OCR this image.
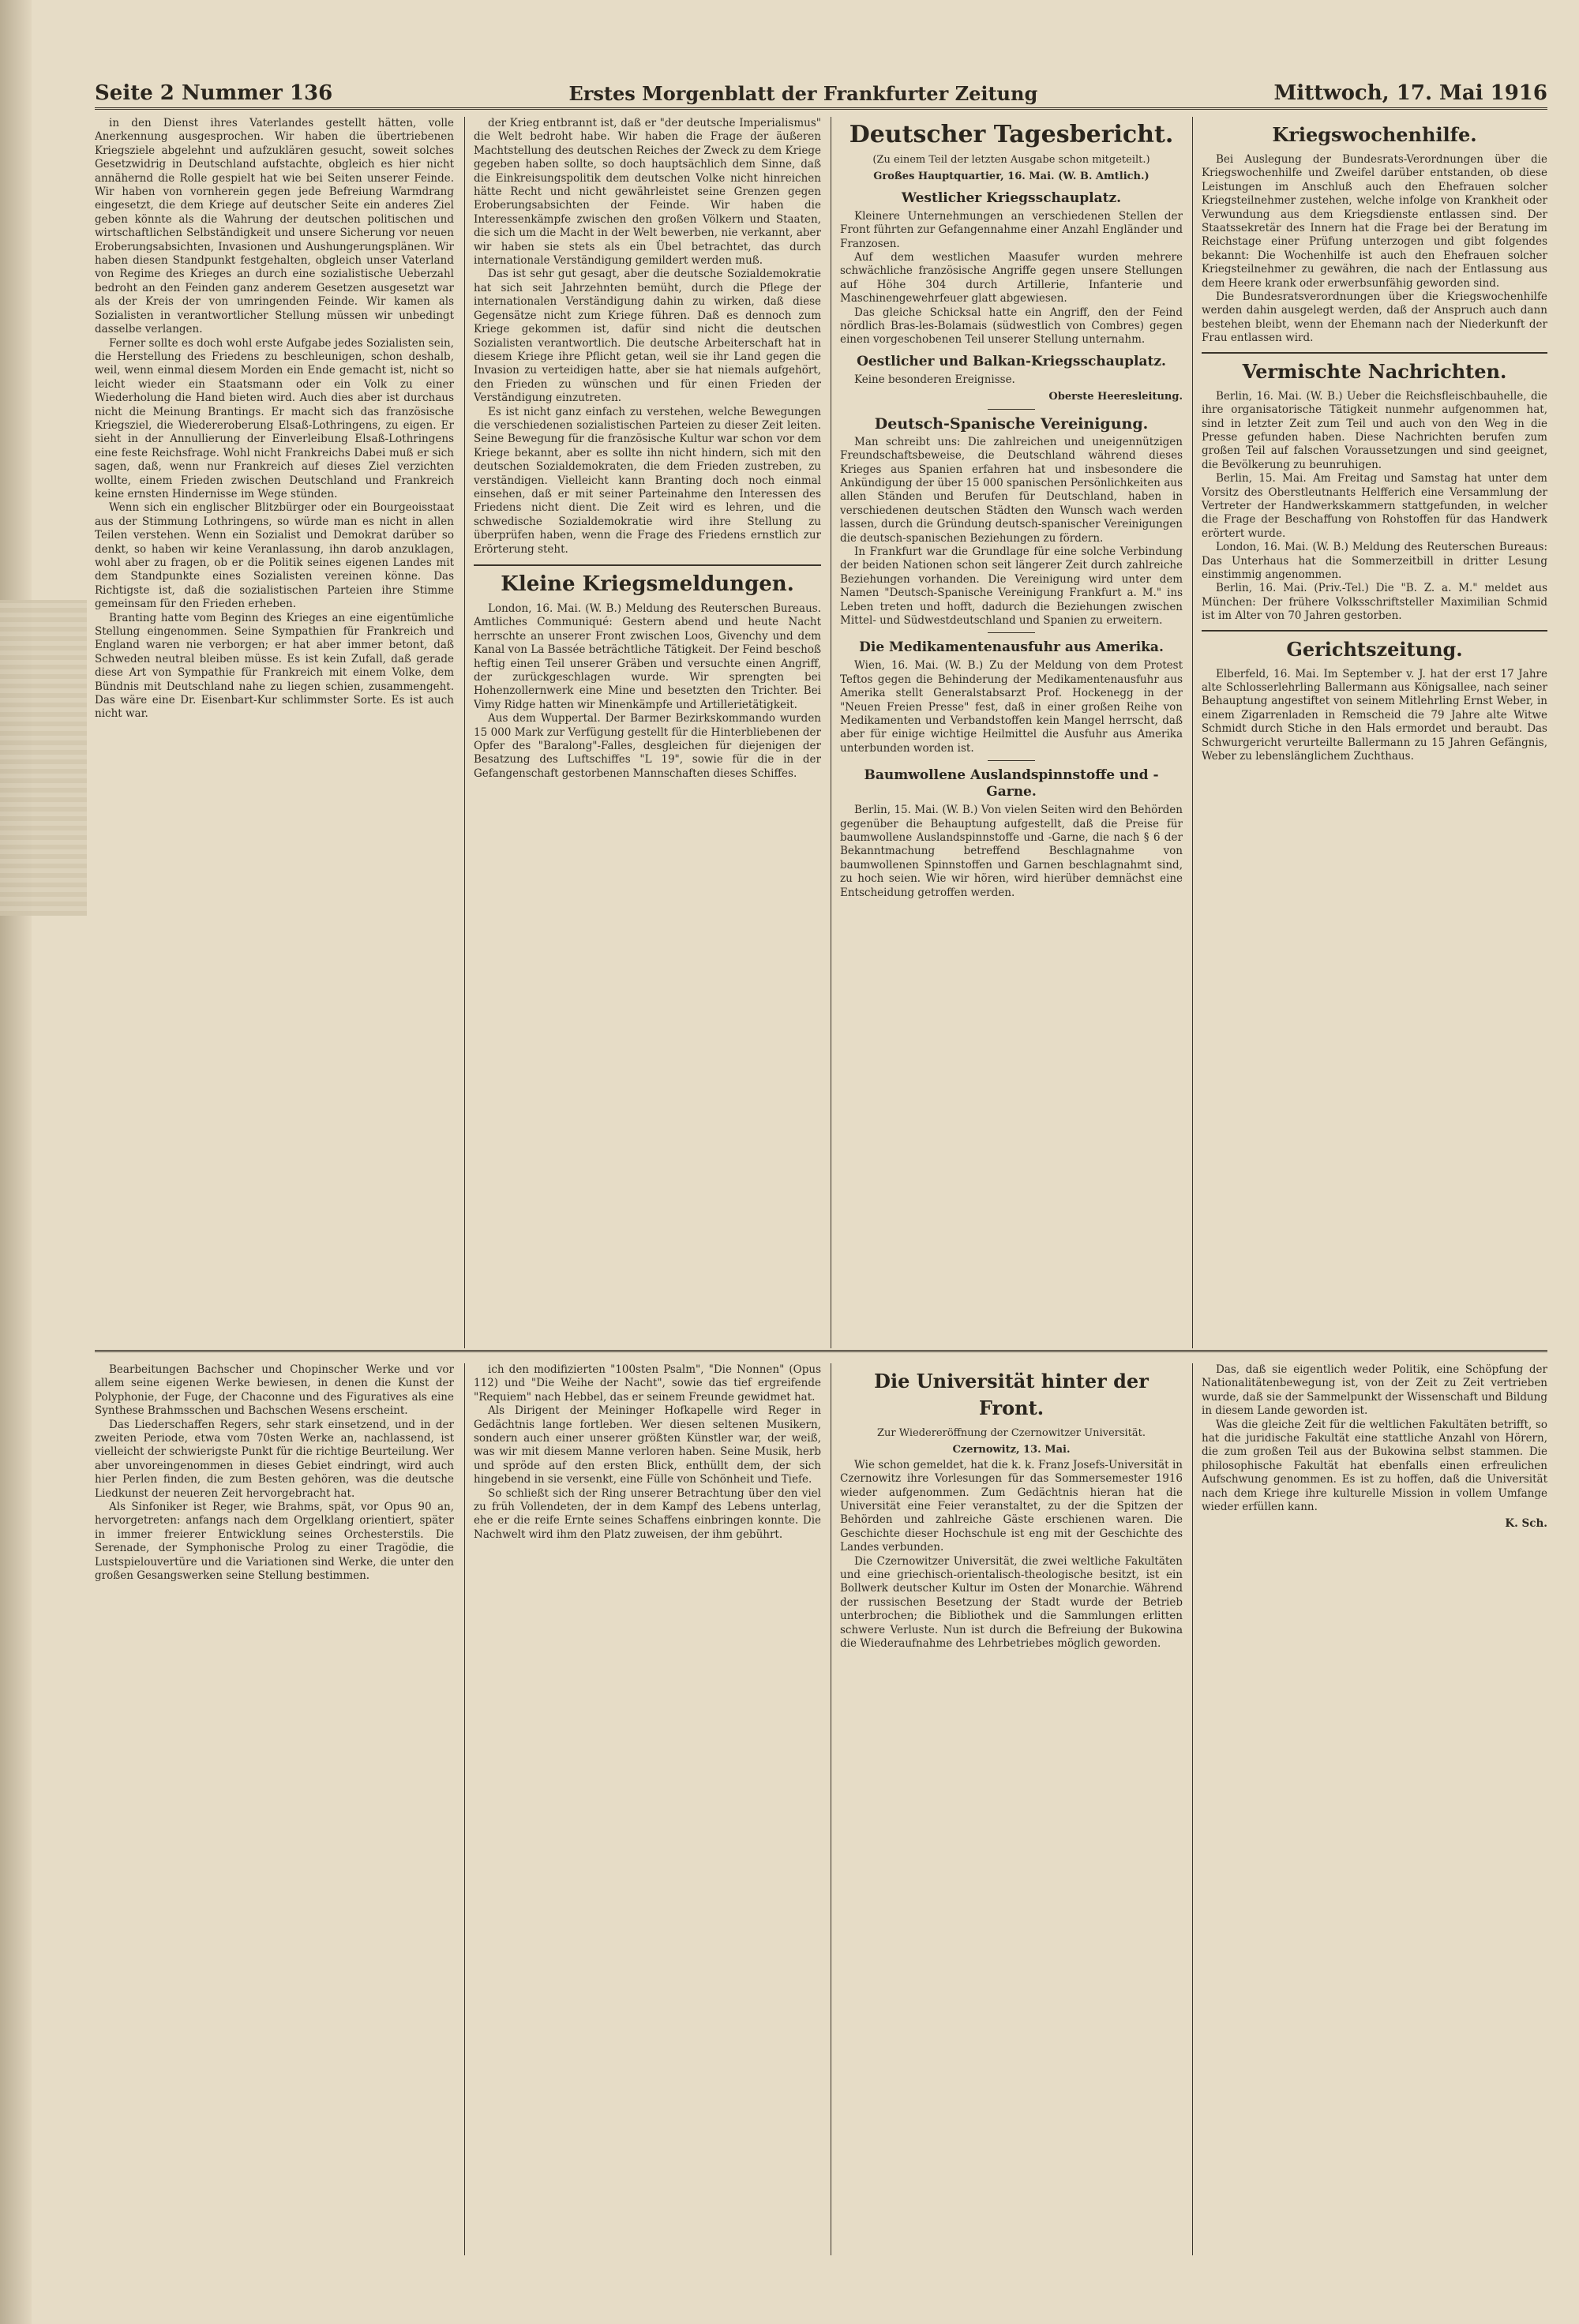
Seite 2 Nummer 136	Erstes Morgenblatt der Frankfurter Zeitung	Mittwoch, 17. Mai 1916

in den Dienst ihres Vaterlandes gestellt hätten, volle Anerkennung ausgesprochen. Wir haben die übertriebenen Kriegsziele abgelehnt und aufzuklären gesucht, soweit solches Gesetzwidrig in Deutschland aufstachte, obgleich es hier nicht annähernd die Rolle gespielt hat wie bei Seiten unserer Feinde. Wir haben von vornherein gegen jede Befreiung Warmdrang eingesetzt, die dem Kriege auf deutscher Seite ein anderes Ziel geben könnte als die Wahrung der deutschen politischen und wirtschaftlichen Selbständigkeit und unsere Sicherung vor neuen Eroberungsabsichten, Invasionen und Aushungerungsplänen. Wir haben diesen Standpunkt festgehalten, obgleich unser Vaterland von Regime des Krieges an durch eine sozialistische Ueberzahl bedroht an den Feinden ganz anderem Gesetzen ausgesetzt war als der Kreis der von umringenden Feinde. Wir kamen als Sozialisten in verantwortlicher Stellung müssen wir unbedingt dasselbe verlangen.

Ferner sollte es doch wohl erste Aufgabe jedes Sozialisten sein, die Herstellung des Friedens zu beschleunigen, schon deshalb, weil, wenn einmal diesem Morden ein Ende gemacht ist, nicht so leicht wieder ein Staatsmann oder ein Volk zu einer Wiederholung die Hand bieten wird. Auch dies aber ist durchaus nicht die Meinung Brantings. Er macht sich das französische Kriegsziel, die Wiedereroberung Elsaß-Lothringens, zu eigen. Er sieht in der Annullierung der Einverleibung Elsaß-Lothringens eine feste Reichsfrage. Wohl nicht Frankreichs Dabei muß er sich sagen, daß, wenn nur Frankreich auf dieses Ziel verzichten wollte, einem Frieden zwischen Deutschland und Frankreich keine ernsten Hindernisse im Wege stünden.

Wenn sich ein englischer Blitzbürger oder ein Bourgeoisstaat aus der Stimmung Lothringens, so würde man es nicht in allen Teilen verstehen. Wenn ein Sozialist und Demokrat darüber so denkt, so haben wir keine Veranlassung, ihn darob anzuklagen, wohl aber zu fragen, ob er die Politik seines eigenen Landes mit dem Standpunkte eines Sozialisten vereinen könne. Das Richtigste ist, daß die sozialistischen Parteien ihre Stimme gemeinsam für den Frieden erheben.

Branting hatte vom Beginn des Krieges an eine eigentümliche Stellung eingenommen. Seine Sympathien für Frankreich und England waren nie verborgen; er hat aber immer betont, daß Schweden neutral bleiben müsse. Es ist kein Zufall, daß gerade diese Art von Sympathie für Frankreich mit einem Volke, dem Bündnis mit Deutschland nahe zu liegen schien, zusammengeht. Das wäre eine Dr. Eisenbart-Kur schlimmster Sorte. Es ist auch nicht war.

der Krieg entbrannt ist, daß er "der deutsche Imperialismus" die Welt bedroht habe. Wir haben die Frage der äußeren Machtstellung des deutschen Reiches der Zweck zu dem Kriege gegeben haben sollte, so doch hauptsächlich dem Sinne, daß die Einkreisungspolitik dem deutschen Volke nicht hinreichen hätte Recht und nicht gewährleistet seine Grenzen gegen Eroberungsabsichten der Feinde. Wir haben die Interessenkämpfe zwischen den großen Völkern und Staaten, die sich um die Macht in der Welt bewerben, nie verkannt, aber wir haben sie stets als ein Übel betrachtet, das durch internationale Verständigung gemildert werden muß.

Das ist sehr gut gesagt, aber die deutsche Sozialdemokratie hat sich seit Jahrzehnten bemüht, durch die Pflege der internationalen Verständigung dahin zu wirken, daß diese Gegensätze nicht zum Kriege führen. Daß es dennoch zum Kriege gekommen ist, dafür sind nicht die deutschen Sozialisten verantwortlich. Die deutsche Arbeiterschaft hat in diesem Kriege ihre Pflicht getan, weil sie ihr Land gegen die Invasion zu verteidigen hatte, aber sie hat niemals aufgehört, den Frieden zu wünschen und für einen Frieden der Verständigung einzutreten.

Es ist nicht ganz einfach zu verstehen, welche Bewegungen die verschiedenen sozialistischen Parteien zu dieser Zeit leiten. Seine Bewegung für die französische Kultur war schon vor dem Kriege bekannt, aber es sollte ihn nicht hindern, sich mit den deutschen Sozialdemokraten, die dem Frieden zustreben, zu verständigen. Vielleicht kann Branting doch noch einmal einsehen, daß er mit seiner Parteinahme den Interessen des Friedens nicht dient. Die Zeit wird es lehren, und die schwedische Sozialdemokratie wird ihre Stellung zu überprüfen haben, wenn die Frage des Friedens ernstlich zur Erörterung steht.

Kleine Kriegsmeldungen.

London, 16. Mai. (W. B.) Meldung des Reuterschen Bureaus. Amtliches Communiqué: Gestern abend und heute Nacht herrschte an unserer Front zwischen Loos, Givenchy und dem Kanal von La Bassée beträchtliche Tätigkeit. Der Feind beschoß heftig einen Teil unserer Gräben und versuchte einen Angriff, der zurückgeschlagen wurde. Wir sprengten bei Hohenzollernwerk eine Mine und besetzten den Trichter. Bei Vimy Ridge hatten wir Minenkämpfe und Artillerietätigkeit.

Aus dem Wuppertal. Der Barmer Bezirkskommando wurden 15 000 Mark zur Verfügung gestellt für die Hinterbliebenen der Opfer des "Baralong"-Falles, desgleichen für diejenigen der Besatzung des Luftschiffes "L 19", sowie für die in der Gefangenschaft gestorbenen Mannschaften dieses Schiffes.

Deutscher Tagesbericht.
(Zu einem Teil der letzten Ausgabe schon mitgeteilt.)
Großes Hauptquartier, 16. Mai. (W. B. Amtlich.)
Westlicher Kriegsschauplatz.

Kleinere Unternehmungen an verschiedenen Stellen der Front führten zur Gefangennahme einer Anzahl Engländer und Franzosen.

Auf dem westlichen Maasufer wurden mehrere schwächliche französische Angriffe gegen unsere Stellungen auf Höhe 304 durch Artillerie, Infanterie und Maschinengewehrfeuer glatt abgewiesen.

Das gleiche Schicksal hatte ein Angriff, den der Feind nördlich Bras-les-Bolamais (südwestlich von Combres) gegen einen vorgeschobenen Teil unserer Stellung unternahm.

Oestlicher und Balkan-Kriegsschauplatz.

Keine besonderen Ereignisse.

Oberste Heeresleitung.
Deutsch-Spanische Vereinigung.

Man schreibt uns: Die zahlreichen und uneigennützigen Freundschaftsbeweise, die Deutschland während dieses Krieges aus Spanien erfahren hat und insbesondere die Ankündigung der über 15 000 spanischen Persönlichkeiten aus allen Ständen und Berufen für Deutschland, haben in verschiedenen deutschen Städten den Wunsch wach werden lassen, durch die Gründung deutsch-spanischer Vereinigungen die deutsch-spanischen Beziehungen zu fördern.

In Frankfurt war die Grundlage für eine solche Verbindung der beiden Nationen schon seit längerer Zeit durch zahlreiche Beziehungen vorhanden. Die Vereinigung wird unter dem Namen "Deutsch-Spanische Vereinigung Frankfurt a. M." ins Leben treten und hofft, dadurch die Beziehungen zwischen Mittel- und Südwestdeutschland und Spanien zu erweitern.

Die Medikamentenausfuhr aus Amerika.

Wien, 16. Mai. (W. B.) Zu der Meldung von dem Protest Teftos gegen die Behinderung der Medikamentenausfuhr aus Amerika stellt Generalstabsarzt Prof. Hockenegg in der "Neuen Freien Presse" fest, daß in einer großen Reihe von Medikamenten und Verbandstoffen kein Mangel herrscht, daß aber für einige wichtige Heilmittel die Ausfuhr aus Amerika unterbunden worden ist.

Baumwollene Auslandspinnstoffe und -Garne.

Berlin, 15. Mai. (W. B.) Von vielen Seiten wird den Behörden gegenüber die Behauptung aufgestellt, daß die Preise für baumwollene Auslandspinnstoffe und -Garne, die nach § 6 der Bekanntmachung betreffend Beschlagnahme von baumwollenen Spinnstoffen und Garnen beschlagnahmt sind, zu hoch seien. Wie wir hören, wird hierüber demnächst eine Entscheidung getroffen werden.

Kriegswochenhilfe.

Bei Auslegung der Bundesrats-Verordnungen über die Kriegswochenhilfe und Zweifel darüber entstanden, ob diese Leistungen im Anschluß auch den Ehefrauen solcher Kriegsteilnehmer zustehen, welche infolge von Krankheit oder Verwundung aus dem Kriegsdienste entlassen sind. Der Staatssekretär des Innern hat die Frage bei der Beratung im Reichstage einer Prüfung unterzogen und gibt folgendes bekannt: Die Wochenhilfe ist auch den Ehefrauen solcher Kriegsteilnehmer zu gewähren, die nach der Entlassung aus dem Heere krank oder erwerbsunfähig geworden sind.

Die Bundesratsverordnungen über die Kriegswochenhilfe werden dahin ausgelegt werden, daß der Anspruch auch dann bestehen bleibt, wenn der Ehemann nach der Niederkunft der Frau entlassen wird.

Vermischte Nachrichten.

Berlin, 16. Mai. (W. B.) Ueber die Reichsfleischbauhelle, die ihre organisatorische Tätigkeit nunmehr aufgenommen hat, sind in letzter Zeit zum Teil und auch von den Weg in die Presse gefunden haben. Diese Nachrichten berufen zum großen Teil auf falschen Voraussetzungen und sind geeignet, die Bevölkerung zu beunruhigen.

Berlin, 15. Mai. Am Freitag und Samstag hat unter dem Vorsitz des Oberstleutnants Helfferich eine Versammlung der Vertreter der Handwerkskammern stattgefunden, in welcher die Frage der Beschaffung von Rohstoffen für das Handwerk erörtert wurde.

London, 16. Mai. (W. B.) Meldung des Reuterschen Bureaus: Das Unterhaus hat die Sommerzeitbill in dritter Lesung einstimmig angenommen.

Berlin, 16. Mai. (Priv.-Tel.) Die "B. Z. a. M." meldet aus München: Der frühere Volksschriftsteller Maximilian Schmid ist im Alter von 70 Jahren gestorben.

Gerichtszeitung.

Elberfeld, 16. Mai. Im September v. J. hat der erst 17 Jahre alte Schlosserlehrling Ballermann aus Königsallee, nach seiner Behauptung angestiftet von seinem Mitlehrling Ernst Weber, in einem Zigarrenladen in Remscheid die 79 Jahre alte Witwe Schmidt durch Stiche in den Hals ermordet und beraubt. Das Schwurgericht verurteilte Ballermann zu 15 Jahren Gefängnis, Weber zu lebenslänglichem Zuchthaus.

Bearbeitungen Bachscher und Chopinscher Werke und vor allem seine eigenen Werke bewiesen, in denen die Kunst der Polyphonie, der Fuge, der Chaconne und des Figuratives als eine Synthese Brahmsschen und Bachschen Wesens erscheint.

Das Liederschaffen Regers, sehr stark einsetzend, und in der zweiten Periode, etwa vom 70sten Werke an, nachlassend, ist vielleicht der schwierigste Punkt für die richtige Beurteilung. Wer aber unvoreingenommen in dieses Gebiet eindringt, wird auch hier Perlen finden, die zum Besten gehören, was die deutsche Liedkunst der neueren Zeit hervorgebracht hat.

Als Sinfoniker ist Reger, wie Brahms, spät, vor Opus 90 an, hervorgetreten: anfangs nach dem Orgelklang orientiert, später in immer freierer Entwicklung seines Orchesterstils. Die Serenade, der Symphonische Prolog zu einer Tragödie, die Lustspielouvertüre und die Variationen sind Werke, die unter den großen Gesangswerken seine Stellung bestimmen.

ich den modifizierten "100sten Psalm", "Die Nonnen" (Opus 112) und "Die Weihe der Nacht", sowie das tief ergreifende "Requiem" nach Hebbel, das er seinem Freunde gewidmet hat.

Als Dirigent der Meininger Hofkapelle wird Reger in Gedächtnis lange fortleben. Wer diesen seltenen Musikern, sondern auch einer unserer größten Künstler war, der weiß, was wir mit diesem Manne verloren haben. Seine Musik, herb und spröde auf den ersten Blick, enthüllt dem, der sich hingebend in sie versenkt, eine Fülle von Schönheit und Tiefe.

So schließt sich der Ring unserer Betrachtung über den viel zu früh Vollendeten, der in dem Kampf des Lebens unterlag, ehe er die reife Ernte seines Schaffens einbringen konnte. Die Nachwelt wird ihm den Platz zuweisen, der ihm gebührt.

Die Universität hinter der Front.
Zur Wiedereröffnung der Czernowitzer Universität.
Czernowitz, 13. Mai.

Wie schon gemeldet, hat die k. k. Franz Josefs-Universität in Czernowitz ihre Vorlesungen für das Sommersemester 1916 wieder aufgenommen. Zum Gedächtnis hieran hat die Universität eine Feier veranstaltet, zu der die Spitzen der Behörden und zahlreiche Gäste erschienen waren. Die Geschichte dieser Hochschule ist eng mit der Geschichte des Landes verbunden.

Die Czernowitzer Universität, die zwei weltliche Fakultäten und eine griechisch-orientalisch-theologische besitzt, ist ein Bollwerk deutscher Kultur im Osten der Monarchie. Während der russischen Besetzung der Stadt wurde der Betrieb unterbrochen; die Bibliothek und die Sammlungen erlitten schwere Verluste. Nun ist durch die Befreiung der Bukowina die Wiederaufnahme des Lehrbetriebes möglich geworden.

Das, daß sie eigentlich weder Politik, eine Schöpfung der Nationalitätenbewegung ist, von der Zeit zu Zeit vertrieben wurde, daß sie der Sammelpunkt der Wissenschaft und Bildung in diesem Lande geworden ist.

Was die gleiche Zeit für die weltlichen Fakultäten betrifft, so hat die juridische Fakultät eine stattliche Anzahl von Hörern, die zum großen Teil aus der Bukowina selbst stammen. Die philosophische Fakultät hat ebenfalls einen erfreulichen Aufschwung genommen. Es ist zu hoffen, daß die Universität nach dem Kriege ihre kulturelle Mission in vollem Umfange wieder erfüllen kann.

K. Sch.
